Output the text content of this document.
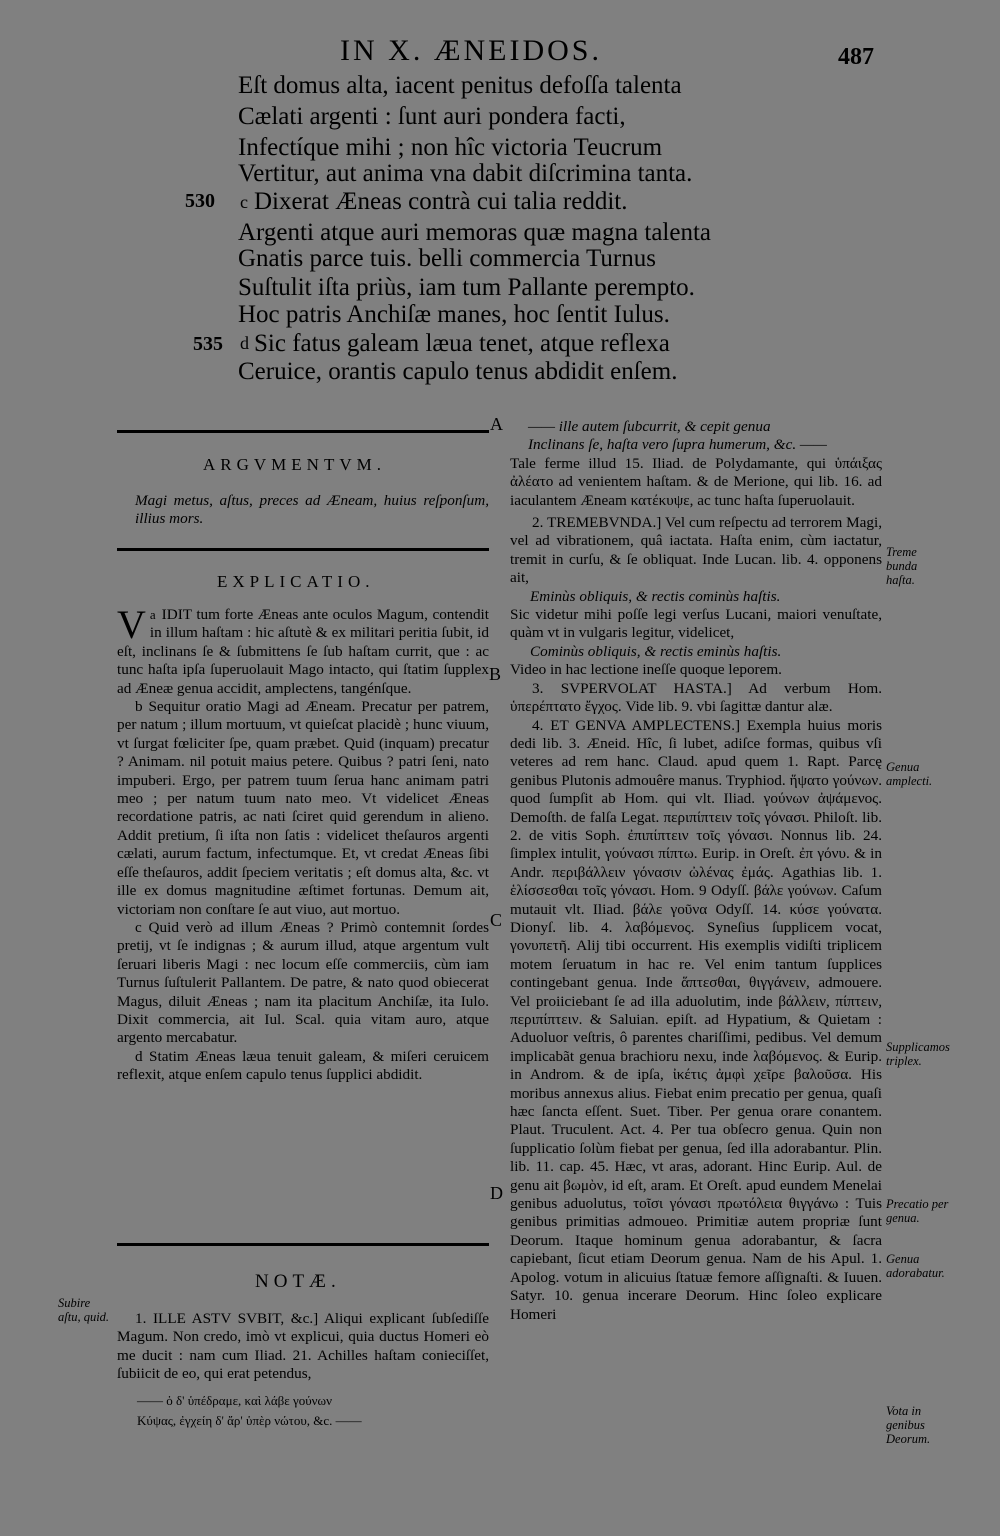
IN X. ÆNEIDOS.	487
Eſt domus alta, iacent penitus defoſſa talenta
Cælati argenti : ſunt auri pondera facti,
Infectíque mihi ; non hîc victoria Teucrum
Vertitur, aut anima vna dabit diſcrimina tanta.
530 c Dixerat Æneas contrà cui talia reddit.
Argenti atque auri memoras quæ magna talenta
Gnatis parce tuis. belli commercia Turnus
Suſtulit iſta priùs, iam tum Pallante perempto.
Hoc patris Anchiſæ manes, hoc ſentit Iulus.
535 d Sic fatus galeam læua tenet, atque reflexa
Ceruice, orantis capulo tenus abdidit enſem.
A
B
C
D
ARGVMENTVM.
EXPLICATIO.
NOTÆ.
Magi metus, aſtus, preces ad Æneam, huius reſponſum, illius mors.

a
V IDIT tum forte Æneas ante oculos Magum, contendit in illum haſtam : hic aſtutè & ex militari peritia ſubit, id eſt, inclinans ſe & ſubmittens ſe ſub haſtam currit, que : ac tunc haſta ipſa ſuperuolauit Mago intacto, qui ſtatim ſupplex ad Æneæ genua accidit, amplectens, tangénſque.

b Sequitur oratio Magi ad Æneam. Precatur per patrem, per natum ; illum mortuum, vt quieſcat placidè ; hunc viuum, vt ſurgat fœliciter ſpe, quam præbet. Quid (inquam) precatur ? Animam. nil potuit maius petere. Quibus ? patri ſeni, nato impuberi. Ergo, per patrem tuum ſerua hanc animam patri meo ; per natum tuum nato meo. Vt videlicet Æneas recordatione patris, ac nati ſciret quid gerendum in alieno. Addit pretium, ſi iſta non ſatis : videlicet theſauros argenti cælati, aurum factum, infectumque. Et, vt credat Æneas ſibi eſſe theſauros, addit ſpeciem veritatis ; eſt domus alta, &c. vt ille ex domus magnitudine æſtimet fortunas. Demum ait, victoriam non conſtare ſe aut viuo, aut mortuo.

c Quid verò ad illum Æneas ? Primò contemnit ſordes pretij, vt ſe indignas ; & aurum illud, atque argentum vult ſeruari liberis Magi : nec locum eſſe commerciis, cùm iam Turnus ſuſtulerit Pallantem. De patre, & nato quod obiecerat Magus, diluit Æneas ; nam ita placitum Anchiſæ, ita Iulo. Dixit commercia, ait Iul. Scal. quia vitam auro, atque argento mercabatur.

d Statim Æneas læua tenuit galeam, & miſeri ceruicem reflexit, atque enſem capulo tenus ſupplici abdidit.

1. ILLE ASTV SVBIT, &c.] Aliqui explicant ſubſediſſe Magum. Non credo, imò vt explicui, quia ductus Homeri eò me ducit : nam cum Iliad. 21. Achilles haſtam conieciſſet, ſubiicit de eo, qui erat petendus,

—— ὁ δ' ὑπέδραμε, καὶ λάβε γούνων
Κύψας, ἐγχείη δ' ἄρ' ὑπὲρ νώτου, &c. ——

—— ille autem ſubcurrit, & cepit genua

Inclinans ſe, haſta vero ſupra humerum, &c. ——

Tale ferme illud 15. Iliad. de Polydamante, qui ὑπάιξας ἀλέατο ad venientem haſtam. & de Merione, qui lib. 16. ad iaculantem Æneam κατέκυψε, ac tunc haſta ſuperuolauit.

2. TREMEBVNDA.] Vel cum reſpectu ad terrorem Magi, vel ad vibrationem, quâ iactata. Haſta enim, cùm iactatur, tremit in curſu, & ſe obliquat. Inde Lucan. lib. 4. opponens ait,

Eminùs obliquis, & rectis cominùs haſtis.

Sic videtur mihi poſſe legi verſus Lucani, maiori venuſtate, quàm vt in vulgaris legitur, videlicet,

Cominùs obliquis, & rectis eminùs haſtis.

Video in hac lectione ineſſe quoque leporem.

3. SVPERVOLAT HASTA.] Ad verbum Hom. ὑπερέπτατο ἔγχος. Vide lib. 9. vbi ſagittæ dantur alæ.

4. ET GENVA AMPLECTENS.] Exempla huius moris dedi lib. 3. Æneid. Hîc, ſi lubet, adiſce formas, quibus vſi veteres ad rem hanc. Claud. apud quem 1. Rapt. Parcę genibus Plutonis admouêre manus. Tryphiod. ἥψατο γούνων. quod ſumpſit ab Hom. qui vlt. Iliad. γούνων ἀψάμενος. Demoſth. de falſa Legat. περιπίπτειν τοῖς γόνασι. Philoſt. lib. 2. de vitis Soph. ἐπιπίπτειν τοῖς γόνασι. Nonnus lib. 24. ſimplex intulit, γούνασι πίπτω. Eurip. in Oreſt. ἐπ γόνυ. & in Andr. περιβάλλειν γόνασιν ὠλένας ἐμάς. Agathias lib. 1. ἑλίσσεσθαι τοῖς γόνασι. Hom. 9 Odyſſ. βάλε γούνων. Caſum mutauit vlt. Iliad. βάλε γοῦνα Odyſſ. 14. κύσε γούνατα. Dionyſ. lib. 4. λαβόμενος. Syneſius ſupplicem vocat, γονυπετῆ. Alij tibi occurrent. His exemplis vidiſti triplicem motem ſeruatum in hac re. Vel enim tantum ſupplices contingebant genua. Inde ἅπτεσθαι, θιγγάνειν, admouere. Vel proiiciebant ſe ad illa aduolutim, inde βάλλειν, πίπτειν, περιπίπτειν. & Saluian. epiſt. ad Hypatium, & Quietam : Aduoluor veſtris, ô parentes chariſſimi, pedibus. Vel demum implicabãt genua brachioru nexu, inde λαβόμενος. & Eurip. in Androm. & de ipſa, ἰκέτις ἀμφὶ χεῖρε βαλοῦσα. His moribus annexus alius. Fiebat enim precatio per genua, quaſi hæc ſancta eſſent. Suet. Tiber. Per genua orare conantem. Plaut. Truculent. Act. 4. Per tua obſecro genua. Quin non ſupplicatio ſolùm fiebat per genua, ſed illa adorabantur. Plin. lib. 11. cap. 45. Hæc, vt aras, adorant. Hinc Eurip. Aul. de genu ait βωμὸν, id eſt, aram. Et Oreſt. apud eundem Menelai genibus aduolutus, τοῖσι γόνασι πρωτόλεια θιγγάνω : Tuis genibus primitias admoueo. Primitiæ autem propriæ ſunt Deorum. Itaque hominum genua adorabantur, & ſacra capiebant, ſicut etiam Deorum genua. Nam de his Apul. 1. Apolog. votum in alicuius ſtatuæ femore aſſignaſti. & Iuuen. Satyr. 10. genua incerare Deorum. Hinc ſoleo explicare Homeri

Subire aſtu, quid.
Treme bunda haſta.
Genua amplecti.
Supplicamos triplex.
Precatio per genua.
Genua adorabatur.
Vota in genibus Deorum.
